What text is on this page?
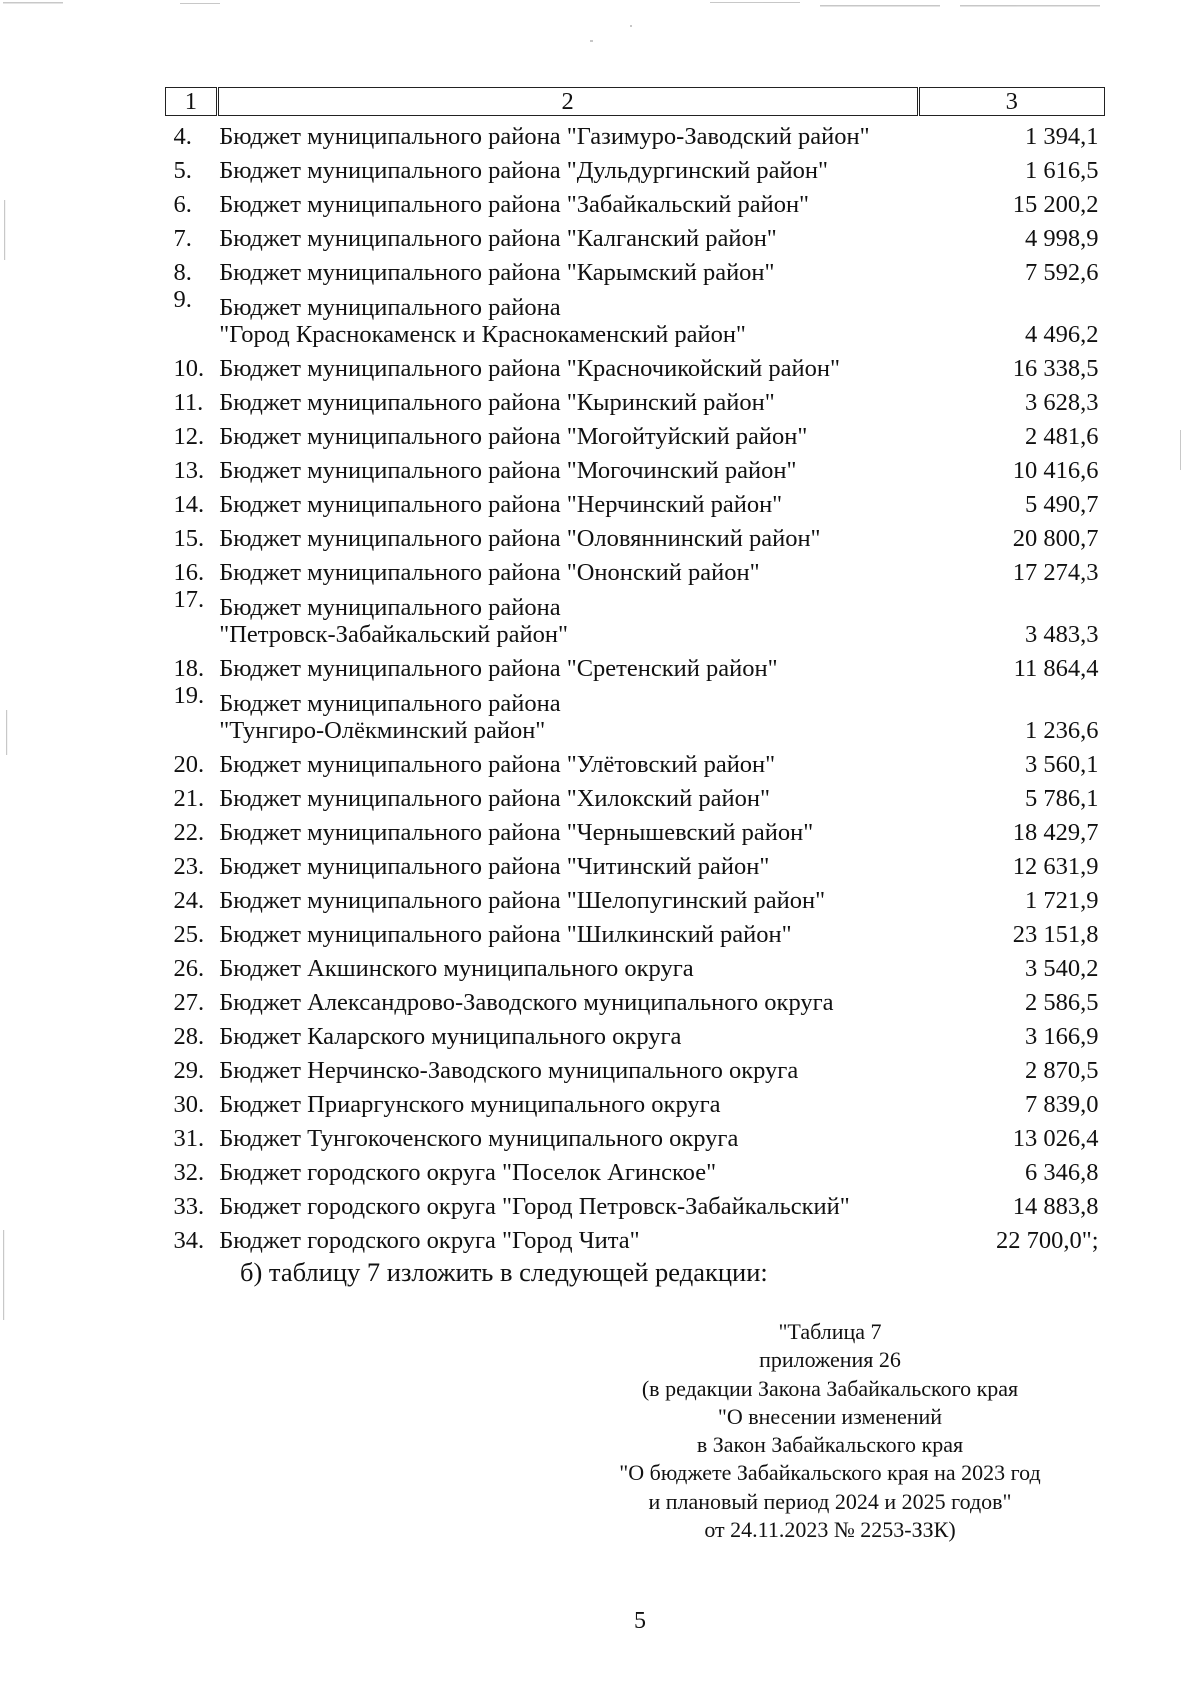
1	2	3
4.	Бюджет муниципального района "Газимуро-Заводский район"	1 394,1
5.	Бюджет муниципального района "Дульдургинский район"	1 616,5
6.	Бюджет муниципального района "Забайкальский район"	15 200,2
7.	Бюджет муниципального района "Калганский район"	4 998,9
8.	Бюджет муниципального района "Карымский район"	7 592,6
9.	Бюджет муниципального района
"Город Краснокаменск и Краснокаменский район"	4 496,2
10.	Бюджет муниципального района "Красночикойский район"	16 338,5
11.	Бюджет муниципального района "Кыринский район"	3 628,3
12.	Бюджет муниципального района "Могойтуйский район"	2 481,6
13.	Бюджет муниципального района "Могочинский район"	10 416,6
14.	Бюджет муниципального района "Нерчинский район"	5 490,7
15.	Бюджет муниципального района "Оловяннинский район"	20 800,7
16.	Бюджет муниципального района "Ононский район"	17 274,3
17.	Бюджет муниципального района
"Петровск-Забайкальский район"	3 483,3
18.	Бюджет муниципального района "Сретенский район"	11 864,4
19.	Бюджет муниципального района
"Тунгиро-Олёкминский район"	1 236,6
20.	Бюджет муниципального района "Улётовский район"	3 560,1
21.	Бюджет муниципального района "Хилокский район"	5 786,1
22.	Бюджет муниципального района "Чернышевский район"	18 429,7
23.	Бюджет муниципального района "Читинский район"	12 631,9
24.	Бюджет муниципального района "Шелопугинский район"	1 721,9
25.	Бюджет муниципального района "Шилкинский район"	23 151,8
26.	Бюджет Акшинского муниципального округа	3 540,2
27.	Бюджет Александрово-Заводского муниципального округа	2 586,5
28.	Бюджет Каларского муниципального округа	3 166,9
29.	Бюджет Нерчинско-Заводского муниципального округа	2 870,5
30.	Бюджет Приаргунского муниципального округа	7 839,0
31.	Бюджет Тунгокоченского муниципального округа	13 026,4
32.	Бюджет городского округа "Поселок Агинское"	6 346,8
33.	Бюджет городского округа "Город Петровск-Забайкальский"	14 883,8
34.	Бюджет городского округа "Город Чита"	22 700,0";
б) таблицу 7 изложить в следующей редакции:
"Таблица 7
приложения 26
(в редакции Закона Забайкальского края
"О внесении изменений
в Закон Забайкальского края
"О бюджете Забайкальского края на 2023 год
и плановый период 2024 и 2025 годов"
от 24.11.2023 № 2253-ЗЗК)
5
